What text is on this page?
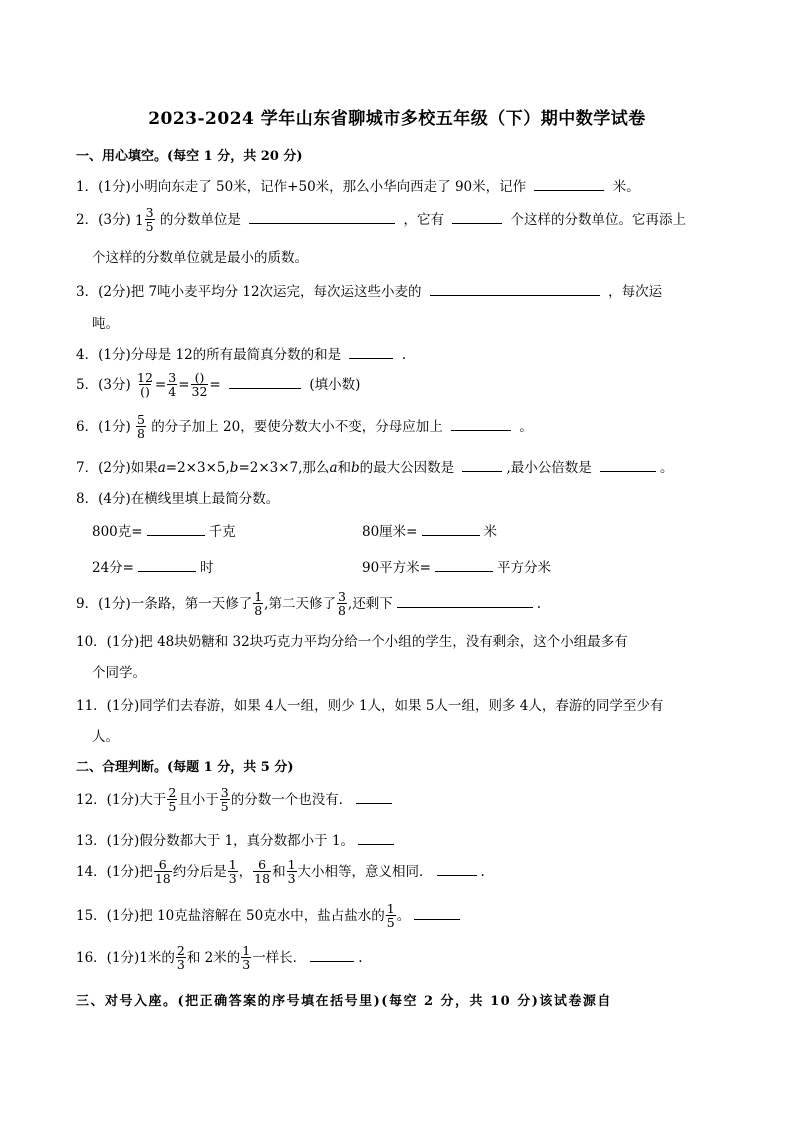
2023-2024 学年山东省聊城市多校五年级（下）期中数学试卷
一、用心填空。(每空 1 分，共 20 分)
1．(1分)小明向东走了 50米，记作+50米，那么小华向西走了 90米，记作	米。
2．(3分) $1 \frac{3}{5}$ 的分数单位是	，它有	个这样的分数单位。它再添上
个这样的分数单位就是最小的质数。
3．(2分)把 7吨小麦平均分 12次运完，每次运这些小麦的	，每次运
吨。
4．(1分)分母是 12的所有最简真分数的和是	.
5．(3分) $\frac{12}{()} = \frac{3}{4} = \frac{()}{32}$ =	(填小数)
6．(1分) $\frac{5}{8}$ 的分子加上 20，要使分数大小不变，分母应加上	。
7．(2分)如果a=2×3×5,b=2×3×7,那么a和b的最大公因数是	,最小公倍数是	。
8．(4分)在横线里填上最简分数。
800克=	千克	80厘米=	米
24分=	时	90平方米=	平方分米
9．(1分)一条路，第一天修了 $\frac{1}{8}$ ,第二天修了 $\frac{3}{8}$ ,还剩下	.
10．(1分)把 48块奶糖和 32块巧克力平均分给一个小组的学生，没有剩余，这个小组最多有
个同学。
11．(1分)同学们去春游，如果 4人一组，则少 1人，如果 5人一组，则多 4人，春游的同学至少有
人。
二、合理判断。(每题 1 分，共 5 分)
12．(1分)大于 $\frac{2}{5}$ 且小于 $\frac{3}{5}$ 的分数一个也没有．
13．(1分)假分数都大于 1，真分数都小于 1。
14．(1分)把 $\frac{6}{18}$ 约分后是 $\frac{1}{3}$ ， $\frac{6}{18}$ 和 $\frac{1}{3}$ 大小相等，意义相同．	.
15．(1分)把 10克盐溶解在 50克水中，盐占盐水的 $\frac{1}{5}$ 。
16．(1分)1米的 $\frac{2}{3}$ 和 2米的 $\frac{1}{3}$ 一样长．	.
三、对号入座。(把正确答案的序号填在括号里)(每空 2 分，共 10 分)该试卷源自
